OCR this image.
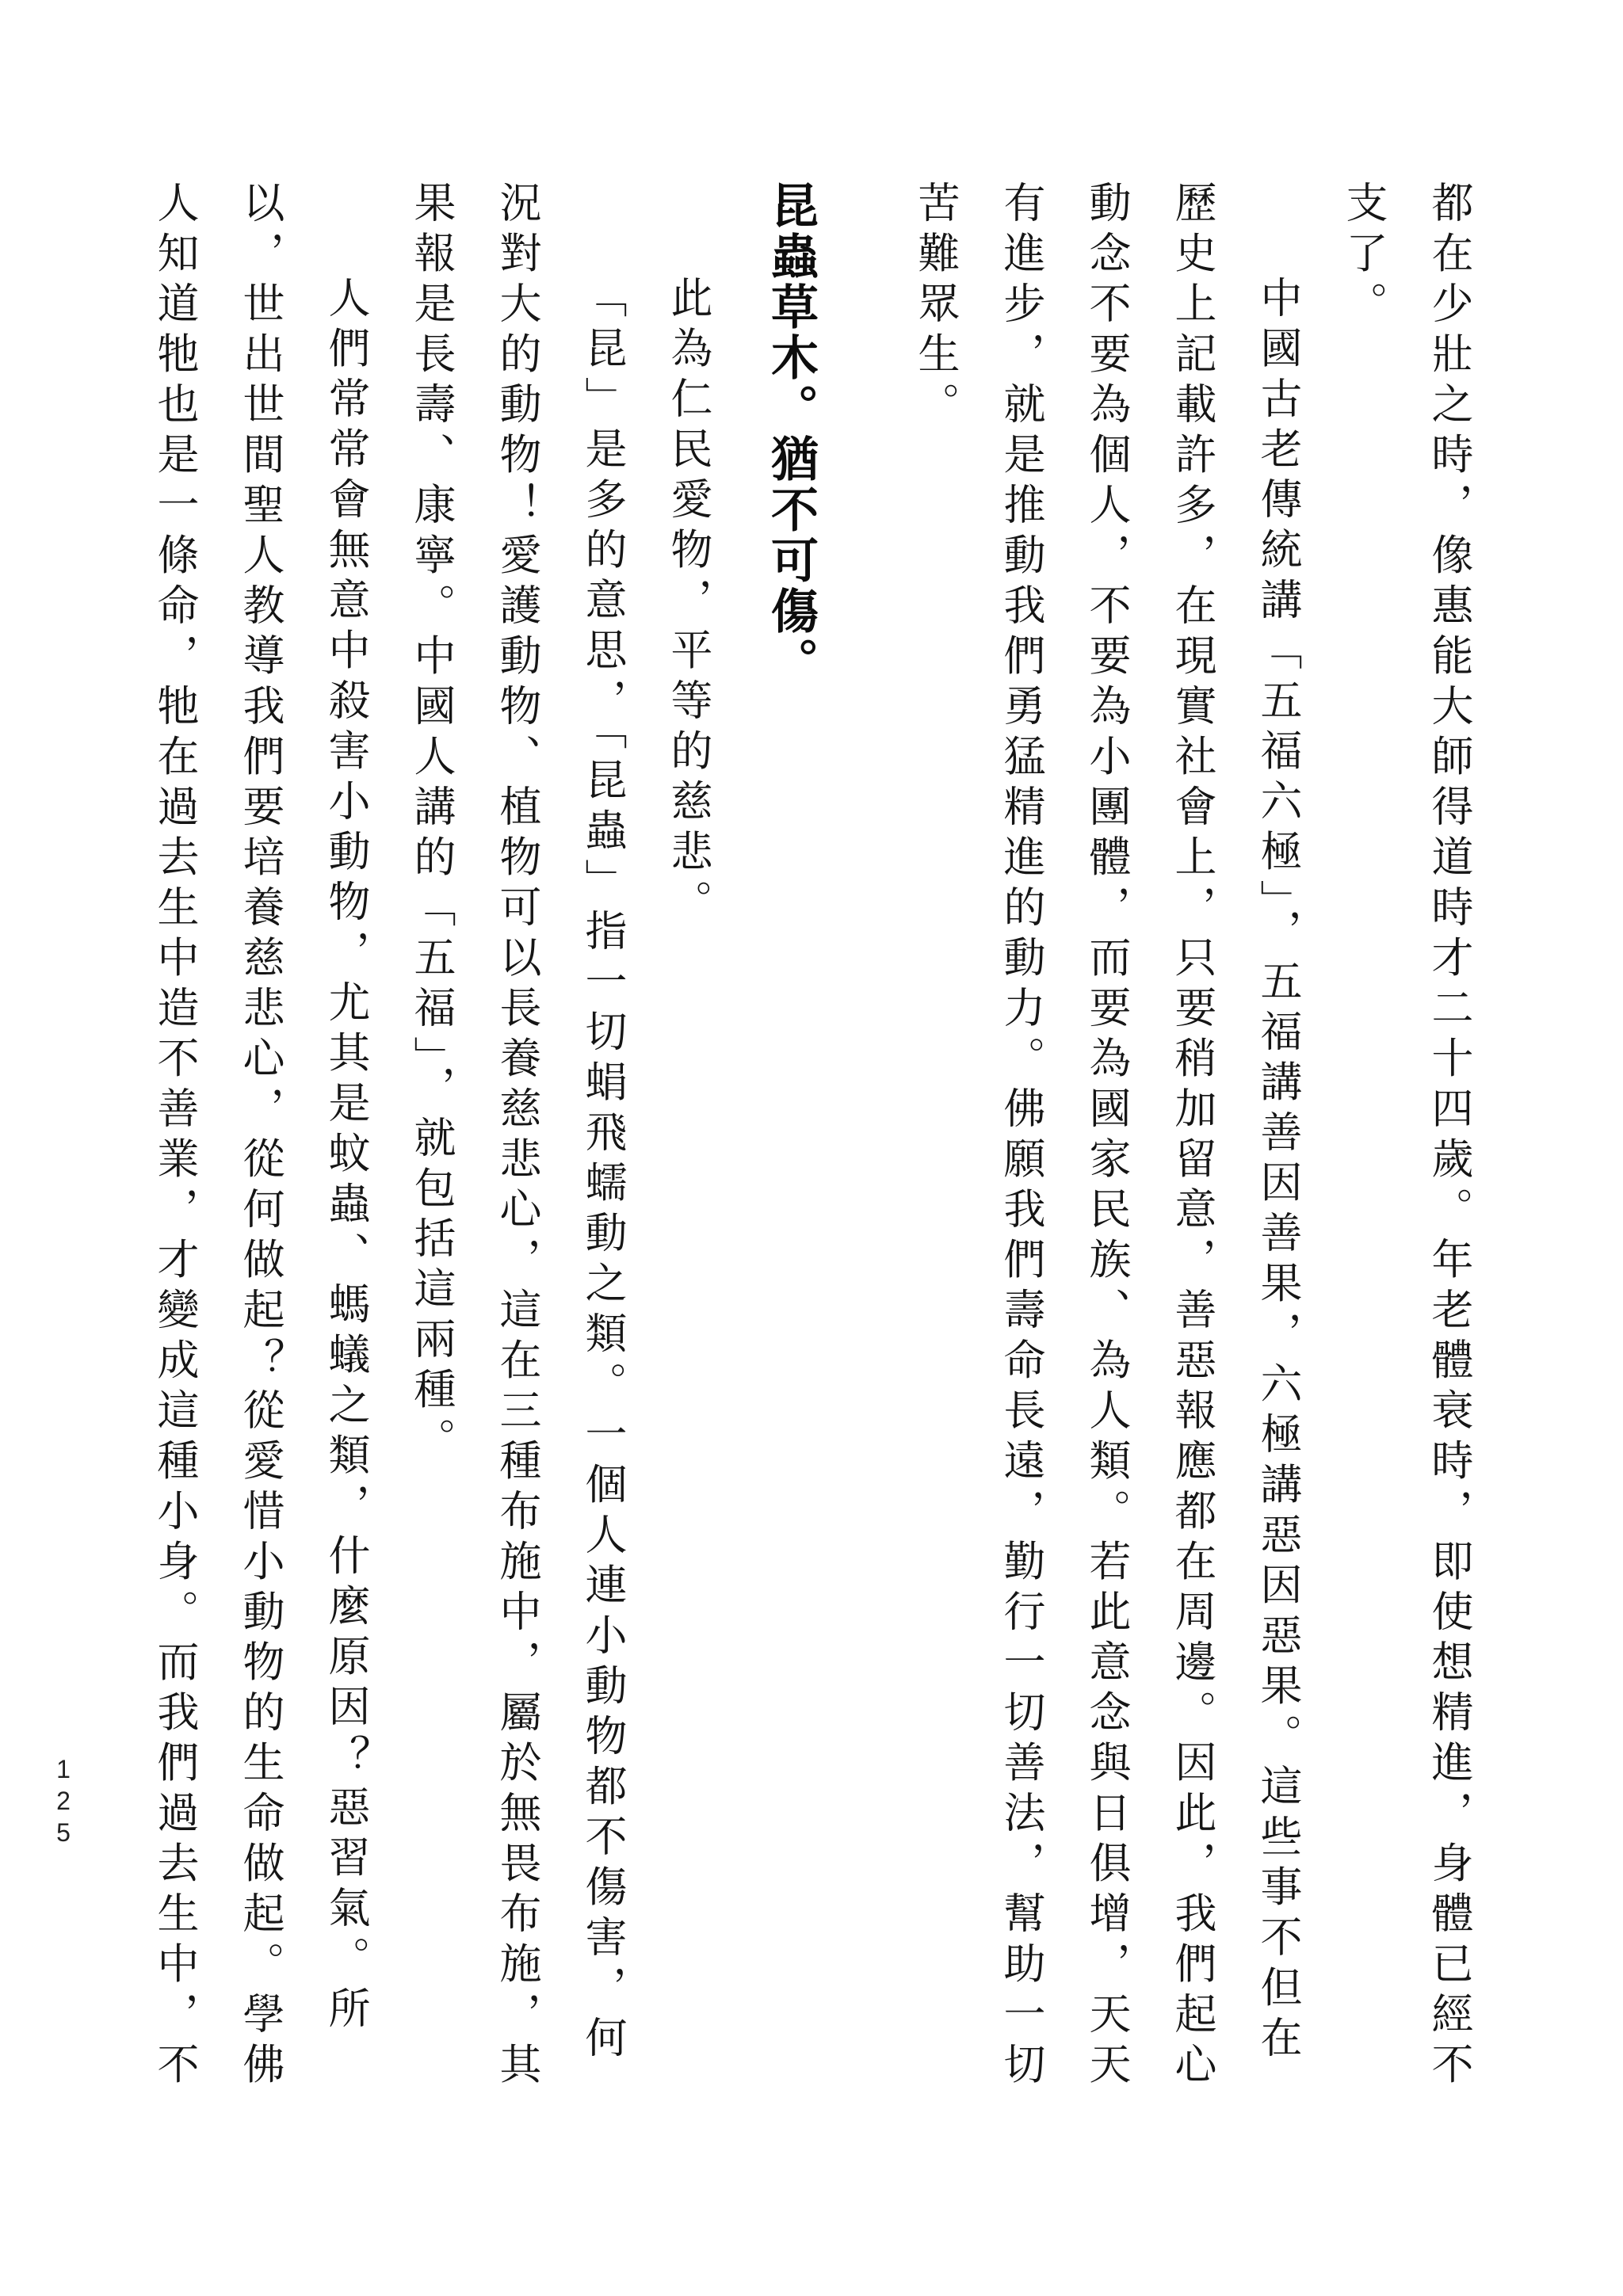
都在少壯之時，像惠能大師得道時才二十四歲。年老體衰時，即使想精進，身體已經不
支了。
中國古老傳統講「五福六極」，五福講善因善果，六極講惡因惡果。這些事不但在
歷史上記載許多，在現實社會上，只要稍加留意，善惡報應都在周邊。因此，我們起心
動念不要為個人，不要為小團體，而要為國家民族、為人類。若此意念與日俱增，天天
有進步，就是推動我們勇猛精進的動力。佛願我們壽命長遠，勤行一切善法，幫助一切
苦難眾生。
昆蟲草木。猶不可傷。
此為仁民愛物，平等的慈悲。
「昆」是多的意思，「昆蟲」指一切蜎飛蠕動之類。一個人連小動物都不傷害，何
況對大的動物！愛護動物、植物可以長養慈悲心，這在三種布施中，屬於無畏布施，其
果報是長壽、康寧。中國人講的「五福」，就包括這兩種。
人們常常會無意中殺害小動物，尤其是蚊蟲、螞蟻之類，什麼原因？惡習氣。所
以，世出世間聖人教導我們要培養慈悲心，從何做起？從愛惜小動物的生命做起。學佛
人知道牠也是一條命，牠在過去生中造不善業，才變成這種小身。而我們過去生中，不
125
